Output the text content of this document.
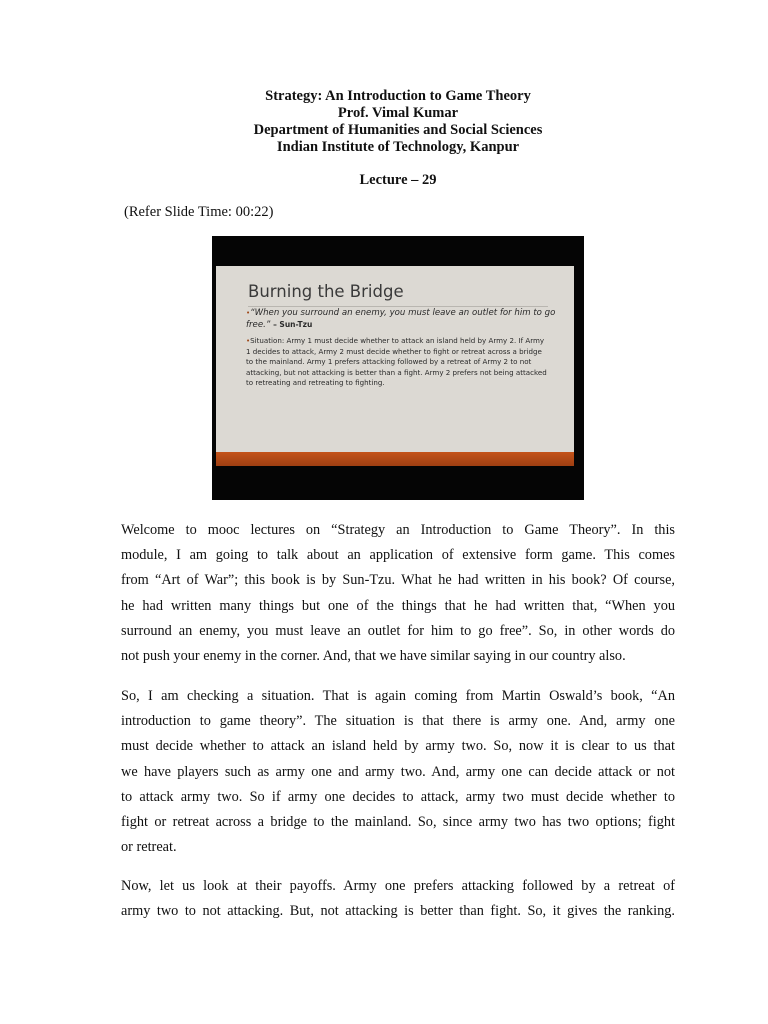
Strategy: An Introduction to Game Theory
Prof. Vimal Kumar
Department of Humanities and Social Sciences
Indian Institute of Technology, Kanpur
Lecture – 29
(Refer Slide Time: 00:22)
Burning the Bridge
•“When you surround an enemy, you must leave an outlet for him to go free.” – Sun-Tzu
•Situation: Army 1 must decide whether to attack an island held by Army 2. If Army 1 decides to attack, Army 2 must decide whether to fight or retreat across a bridge to the mainland. Army 1 prefers attacking followed by a retreat of Army 2 to not attacking, but not attacking is better than a fight. Army 2 prefers not being attacked to retreating and retreating to fighting.
Welcome to mooc lectures on “Strategy an Introduction to Game Theory”. In this
module, I am going to talk about an application of extensive form game. This comes
from “Art of War”; this book is by Sun-Tzu. What he had written in his book? Of course,
he had written many things but one of the things that he had written that, “When you
surround an enemy, you must leave an outlet for him to go free”. So, in other words do
not push your enemy in the corner. And, that we have similar saying in our country also.
So, I am checking a situation. That is again coming from Martin Oswald’s book, “An
introduction to game theory”. The situation is that there is army one. And, army one
must decide whether to attack an island held by army two. So, now it is clear to us that
we have players such as army one and army two. And, army one can decide attack or not
to attack army two. So if army one decides to attack, army two must decide whether to
fight or retreat across a bridge to the mainland. So, since army two has two options; fight
or retreat.
Now, let us look at their payoffs. Army one prefers attacking followed by a retreat of
army two to not attacking. But, not attacking is better than fight. So, it gives the ranking.
